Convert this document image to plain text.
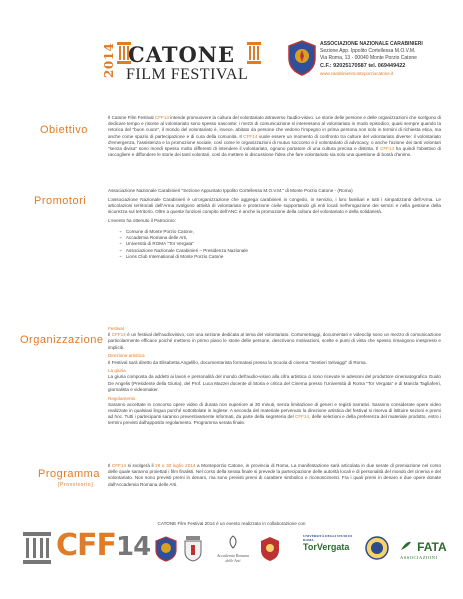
2014 CATONE
FILM FESTIVAL
ASSOCIAZIONE NAZIONALE CARABINIERI
Sezione App. Ippolito Cortellessa M.O.V.M.
Via Roma, 13 - 00040 Monte Porzio Catone
C.F.: 92025170587 tel. 069449422
www.carabinierimonteporziocatone.it
Obiettivo

Il Catone Film Festival CFF14 intende promuovere la cultura del volontariato attraverso l'audio-visivo. Le storie delle persone e delle organizzazioni che scelgono di dedicare tempo e risorse al volontariato sono spesso nascoste: i mezzi di comunicazione si interessano al volontariato in modo episodico, quasi sempre quando la retorica del "buon cuore", il mondo del volontariato è, invece, abitato da persone che vedono l'impegno in prima persona non solo in termini di richiesta etica, ma anche come spazio di partecipazione e di cura della comunità. Il CFF14 vuole essere un momento di confronto tra culture del volontariato diverse: il volontariato d'emergenza, l'assistenza e la promozione sociale, così come le organizzazioni di mutuo soccorso e il volontariato di advocacy, o anche l'azione dei tanti volontari "senza divisa" sono mondi spesso molto differenti di intendere il volontariato, ognuno portatore di una cultura precisa e distinta. Il CFF14 ha quindi l'obiettivo di raccogliere e diffondere le storie dei tanti volontari, così da mettere in discussione l'idea che fare volontariato sia solo una questione di bontà d'animo.

Promotori

Associazione Nazionale Carabinieri "Sezione Appuntato Ippolito Cortellessa M.O.V.M." di Monte Porzio Catone - (Roma)

L'associazione Nazionale Carabinieri è un'organizzazione che aggrega carabinieri in congedo, in servizio, i loro familiari e tutti i simpatizzanti dell'Arma. Le articolazioni territoriali dell'Arma svolgono attività di volontariato e protezione civile supportando gli enti locali nell'erogazione dei servizi e nella gestione della sicurezza sul territorio. Oltre a queste funzioni compito dell'ANC è anche la promozione della cultura del volontariato e della solidarietà.

L'evento ha ottenuto il Patrocinio:

➝ Comune di Monte Porzio Catone,
➝ Accademia Romana delle Arti,
➝ Università di ROMA "Tor Vergata"
➝ Associazione Nazionale Carabinieri – Presidenza Nazionale
➝ Lions Club International di Monte Porzio Catone
Organizzazione

Festival
Il CFF14 è un festival dell'audiovisivo, con una sezione dedicata al tema del volontariato. Cortometraggi, documentari e videoclip sono un mezzo di comunicazione particolarmente efficace poiché mettono in primo piano le storie delle persone, descrivono motivazioni, scelte e punti di vista che spesso rimangono inespressi e impliciti.

Direzione artistica
Il Festival sarà diretto da Elisabetta Angelillo, documentarista formatasi presso la Scuola di cinema "Sentieri Selvaggi" di Roma.

La giuria
La giuria composta da addetti ai lavori e personalità del mondo dell'audio-visivo alla cifra artistica ci sono ricevute le adesioni del produttore cinematografico Guido De Angelis (Presidente della Giuria), del Prof. Luca Mazzei docente di Storia e critica del Cinema presso l'Università di Roma "Tor Vergata" e di Maricla Tagliaferri, giornalista e videomaker.

Regolamento
Saranno accettate in concorso opere video di durata non superiore ai 30 minuti, senza limitazione di generi e registi narrativi. Saranno considerate opere video realizzate in qualsiasi lingua purché sottotitolate in inglese. A seconda del materiale pervenuto la direzione artistica del festival si riserva di istituire sezioni e premi ad hoc. Tutti i partecipanti saranno preventivamente informati, da parte della segreteria del CFF14, delle selezioni e della preferenza del materiale prodotto, entro i termini previsti dall'apposito regolamento. Programma serata finale.

Programma
[Provvisorio]

Il CFF14 si svolgerà il 29 e 30 luglio 2014 a Monteporzio Catone, in provincia di Roma. La manifestazione sarà articolata in due serate di premiazione nel corso delle quale saranno proiettati i film finalisti. Nel corso della serata finale si prevede la partecipazione delle autorità locali e di personalità del mondo del cinema e del volontariato. Non sono previsti premi in denaro, ma sono previsti premi di carattere simbolico e riconoscimenti. Fra i quali premi in denaro e due opere donate dall'Accademia Romana delle Arti.

CATONE Film Festival 2014 è un evento realizzato in collaborazione con
CFF14	Accademia Romana delle Arti
UNIVERSITÀ DEGLI STUDI DI ROMA
TorVergata	FATA
ASSOCIAZIONI
